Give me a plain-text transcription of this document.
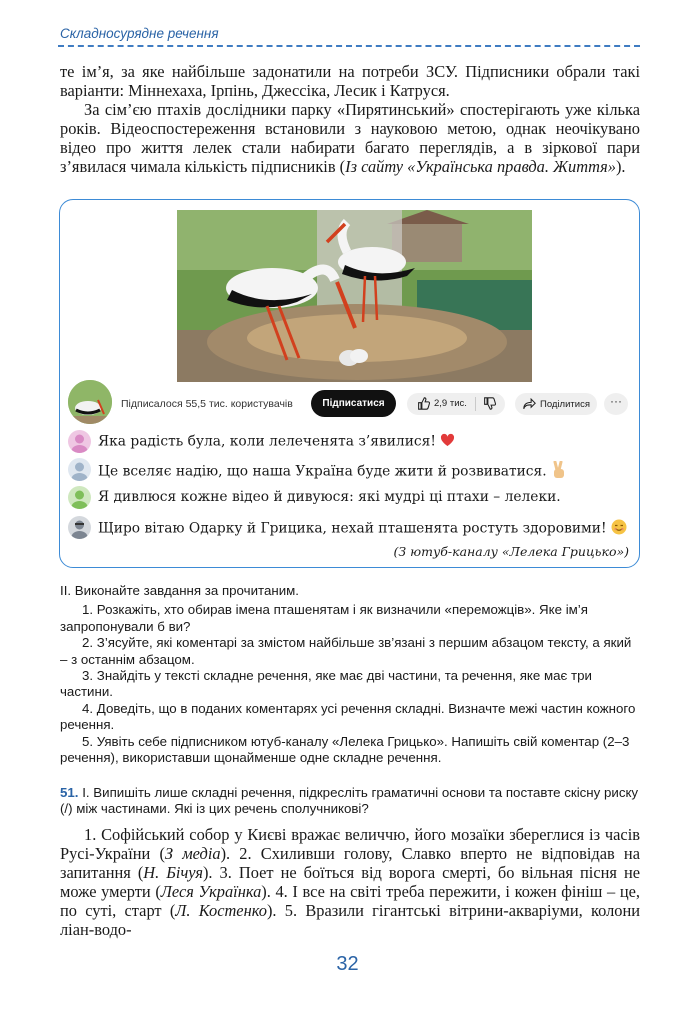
Складносурядне речення

те ім’я, за яке найбільше задонатили на потреби ЗСУ. Підписники обрали такі варіанти: Міннехаха, Ірпінь, Джессіка, Лесик і Катруся.

За сім’єю птахів дослідники парку «Пирятинський» спостерігають уже кілька років. Відеоспостереження встановили з науковою метою, однак неочікувано відео про життя лелек стали набирати багато переглядів, а в зіркової пари з’явилася чимала кількість підписників (Із сайту «Українська правда. Життя»).

Підписалося 55,5 тис. користувачів	Підписатися	2,9 тис.	Поділитися	···
Яка радість була, коли лелеченята з’явилися!
Це вселяє надію, що наша Україна буде жити й розвиватися.
Я дивлюся кожне відео й дивуюся: які мудрі ці птахи – лелеки.
Щиро вітаю Одарку й Грицика, нехай пташенята ростуть здоровими!
(З ютуб-каналу «Лелека Грицько»)

ІІ. Виконайте завдання за прочитаним.

1. Розкажіть, хто обирав імена пташенятам і як визначили «переможців». Яке ім’я запропонували б ви?

2. З’ясуйте, які коментарі за змістом найбільше зв’язані з першим абзацом тексту, а який – з останнім абзацом.

3. Знайдіть у тексті складне речення, яке має дві частини, та речення, яке має три частини.

4. Доведіть, що в поданих коментарях усі речення складні. Визначте межі частин кожного речення.

5. Уявіть себе підписником ютуб-каналу «Лелека Грицько». Напишіть свій коментар (2–3 речення), використавши щонайменше одне складне речення.

51. І. Випишіть лише складні речення, підкресліть граматичні основи та поставте скісну риску (/) між частинами. Які із цих речень сполучникові?

1. Софійський собор у Києві вражає величчю, його мозаїки збереглися із часів Русі-України (З медіа). 2. Схиливши голову, Славко вперто не відповідав на запитання (Н. Бічуя). 3. Поет не боїться від ворога смерті, бо вільная пісня не може умерти (Леся Українка). 4. І все на світі треба пережити, і кожен фініш – це, по суті, старт (Л. Костенко). 5. Вразили гігантські вітрини-акваріуми, колони ліан-водо-

32
